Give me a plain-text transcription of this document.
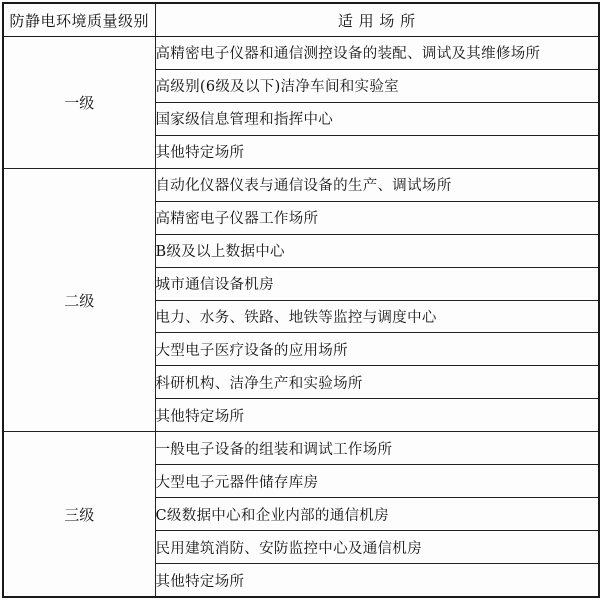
防静电环境质量级别	适 用 场 所
一级	高精密电子仪器和通信测控设备的装配、调试及其维修场所
	高级别(6级及以下)洁净车间和实验室
	国家级信息管理和指挥中心
	其他特定场所
二级	自动化仪器仪表与通信设备的生产、调试场所
	高精密电子仪器工作场所
	B级及以上数据中心
	城市通信设备机房
	电力、水务、铁路、地铁等监控与调度中心
	大型电子医疗设备的应用场所
	科研机构、洁净生产和实验场所
	其他特定场所
三级	一般电子设备的组装和调试工作场所
	大型电子元器件储存库房
	C级数据中心和企业内部的通信机房
	民用建筑消防、安防监控中心及通信机房
	其他特定场所
